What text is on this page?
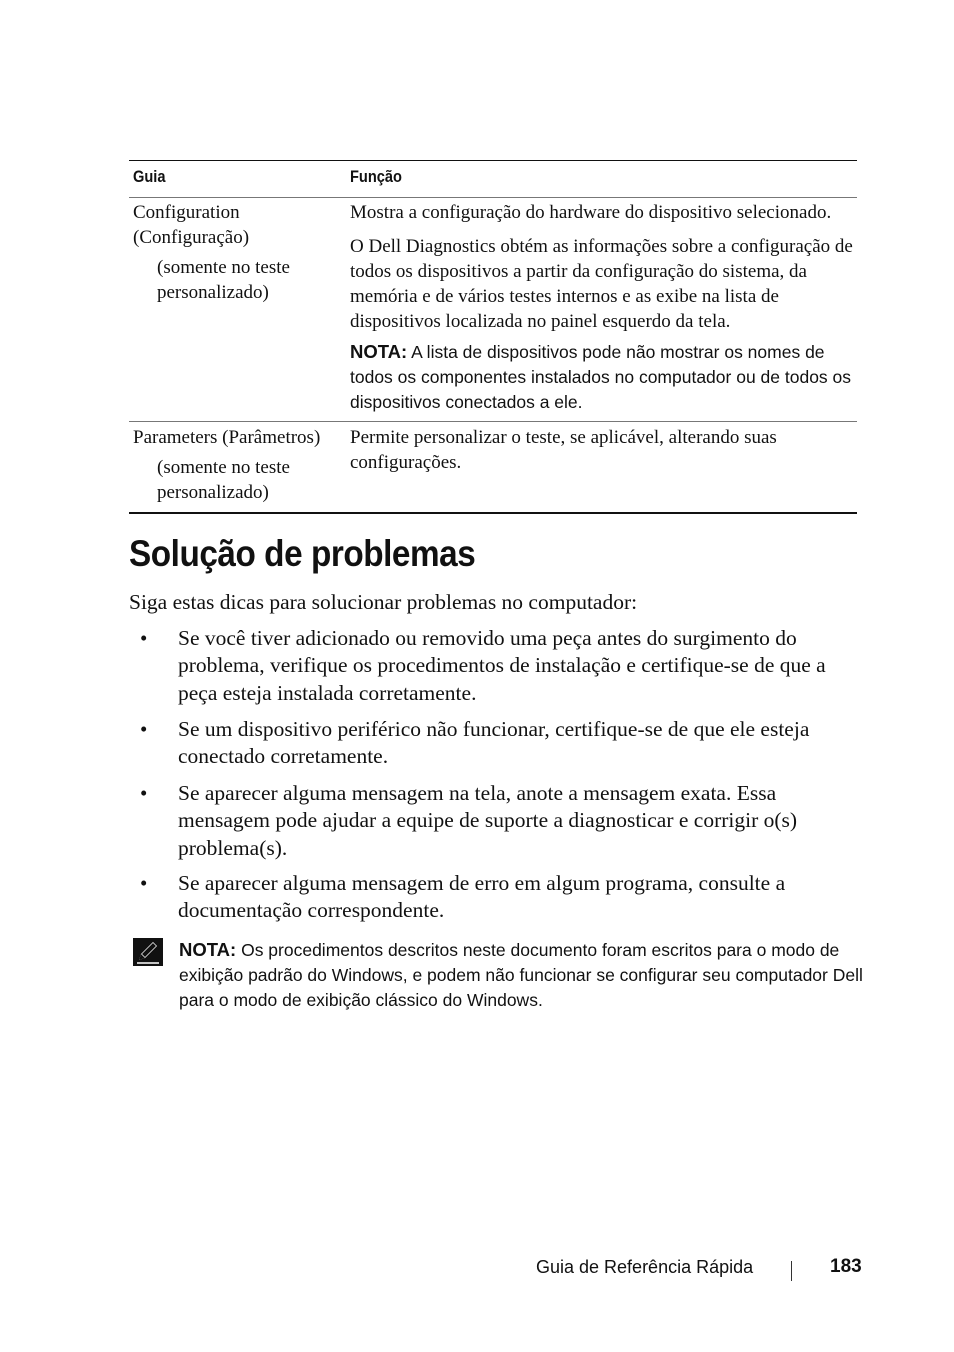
Guia	Função
Configuration (Configuração)
(somente no teste personalizado)
Mostra a configuração do hardware do dispositivo selecionado.
O Dell Diagnostics obtém as informações sobre a configuração de todos os dispositivos a partir da configuração do sistema, da memória e de vários testes internos e as exibe na lista de dispositivos localizada no painel esquerdo da tela.
NOTA: A lista de dispositivos pode não mostrar os nomes de todos os componentes instalados no computador ou de todos os dispositivos conectados a ele.
Parameters (Parâmetros)
(somente no teste personalizado)
Permite personalizar o teste, se aplicável, alterando suas configurações.
Solução de problemas
Siga estas dicas para solucionar problemas no computador:
• Se você tiver adicionado ou removido uma peça antes do surgimento do problema, verifique os procedimentos de instalação e certifique-se de que a peça esteja instalada corretamente.
• Se um dispositivo periférico não funcionar, certifique-se de que ele esteja conectado corretamente.
• Se aparecer alguma mensagem na tela, anote a mensagem exata. Essa mensagem pode ajudar a equipe de suporte a diagnosticar e corrigir o(s) problema(s).
• Se aparecer alguma mensagem de erro em algum programa, consulte a documentação correspondente.
NOTA: Os procedimentos descritos neste documento foram escritos para o modo de exibição padrão do Windows, e podem não funcionar se configurar seu computador Dell para o modo de exibição clássico do Windows.
Guia de Referência Rápida	183
